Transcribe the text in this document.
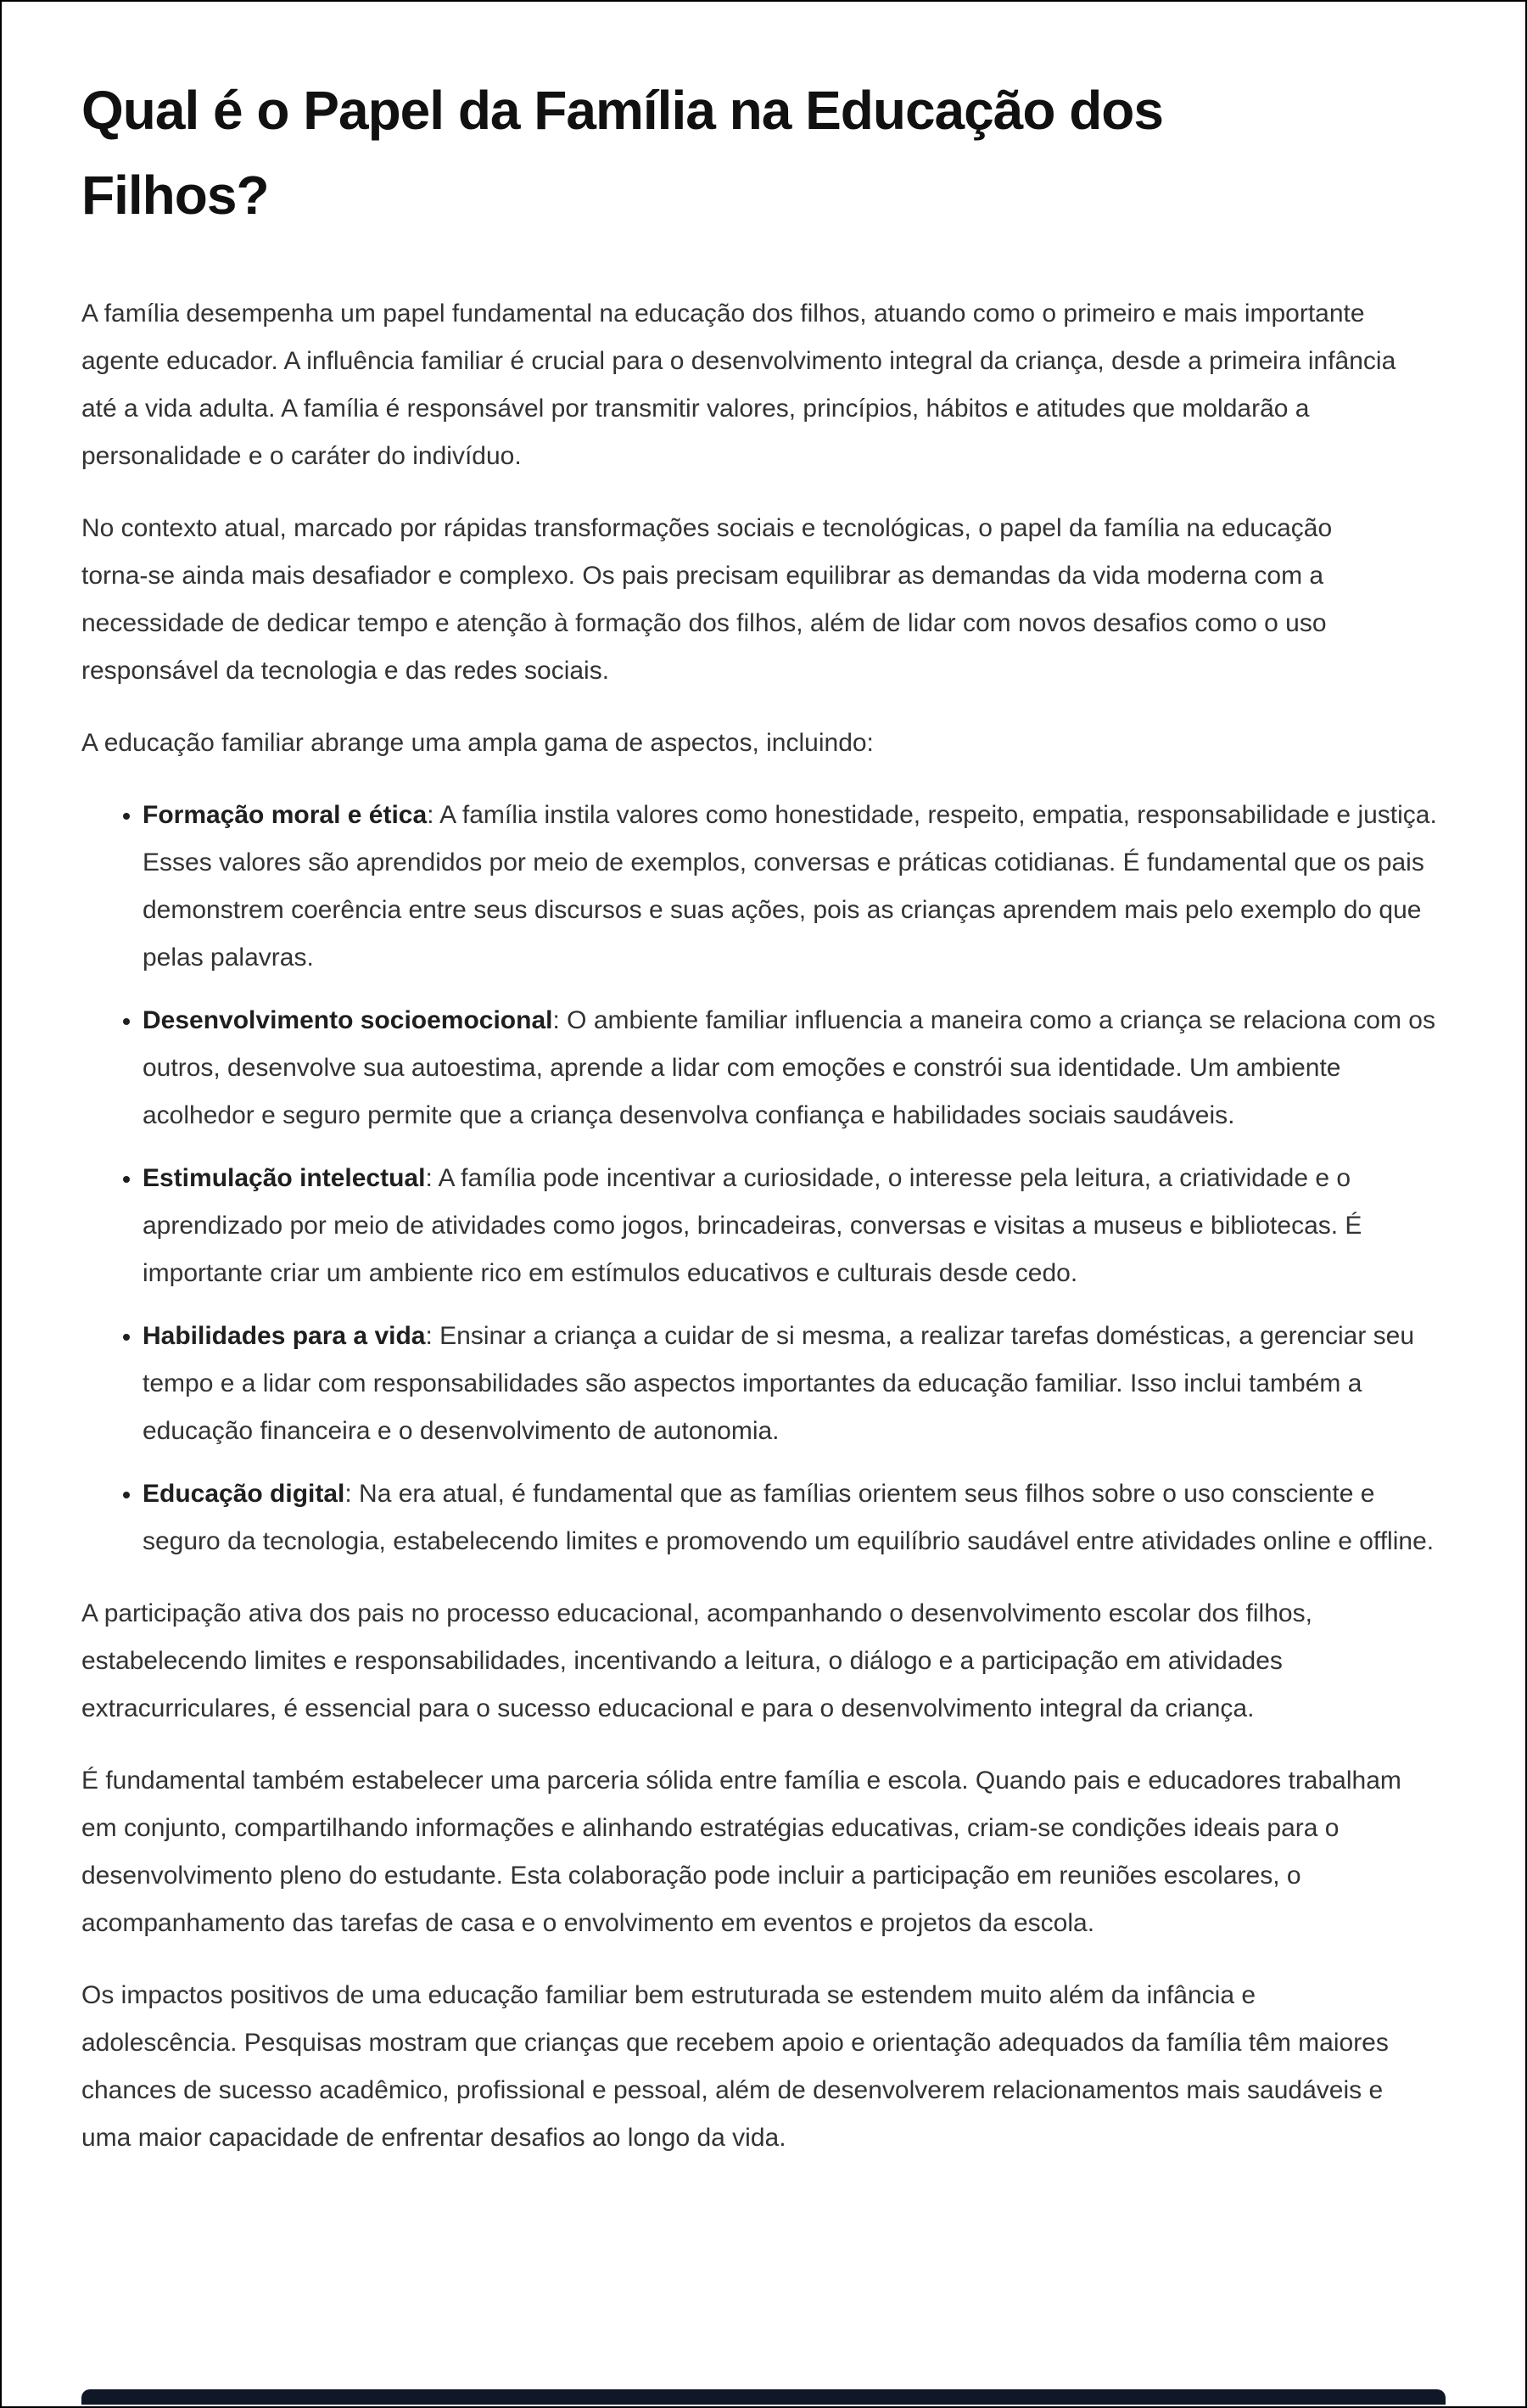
Qual é o Papel da Família na Educação dos Filhos?

A família desempenha um papel fundamental na educação dos filhos, atuando como o primeiro e mais importante agente educador. A influência familiar é crucial para o desenvolvimento integral da criança, desde a primeira infância até a vida adulta. A família é responsável por transmitir valores, princípios, hábitos e atitudes que moldarão a personalidade e o caráter do indivíduo.

No contexto atual, marcado por rápidas transformações sociais e tecnológicas, o papel da família na educação torna-se ainda mais desafiador e complexo. Os pais precisam equilibrar as demandas da vida moderna com a necessidade de dedicar tempo e atenção à formação dos filhos, além de lidar com novos desafios como o uso responsável da tecnologia e das redes sociais.

A educação familiar abrange uma ampla gama de aspectos, incluindo:

• Formação moral e ética: A família instila valores como honestidade, respeito, empatia, responsabilidade e justiça. Esses valores são aprendidos por meio de exemplos, conversas e práticas cotidianas. É fundamental que os pais demonstrem coerência entre seus discursos e suas ações, pois as crianças aprendem mais pelo exemplo do que pelas palavras.
• Desenvolvimento socioemocional: O ambiente familiar influencia a maneira como a criança se relaciona com os outros, desenvolve sua autoestima, aprende a lidar com emoções e constrói sua identidade. Um ambiente acolhedor e seguro permite que a criança desenvolva confiança e habilidades sociais saudáveis.
• Estimulação intelectual: A família pode incentivar a curiosidade, o interesse pela leitura, a criatividade e o aprendizado por meio de atividades como jogos, brincadeiras, conversas e visitas a museus e bibliotecas. É importante criar um ambiente rico em estímulos educativos e culturais desde cedo.
• Habilidades para a vida: Ensinar a criança a cuidar de si mesma, a realizar tarefas domésticas, a gerenciar seu tempo e a lidar com responsabilidades são aspectos importantes da educação familiar. Isso inclui também a educação financeira e o desenvolvimento de autonomia.
• Educação digital: Na era atual, é fundamental que as famílias orientem seus filhos sobre o uso consciente e seguro da tecnologia, estabelecendo limites e promovendo um equilíbrio saudável entre atividades online e offline.

A participação ativa dos pais no processo educacional, acompanhando o desenvolvimento escolar dos filhos, estabelecendo limites e responsabilidades, incentivando a leitura, o diálogo e a participação em atividades extracurriculares, é essencial para o sucesso educacional e para o desenvolvimento integral da criança.

É fundamental também estabelecer uma parceria sólida entre família e escola. Quando pais e educadores trabalham em conjunto, compartilhando informações e alinhando estratégias educativas, criam-se condições ideais para o desenvolvimento pleno do estudante. Esta colaboração pode incluir a participação em reuniões escolares, o acompanhamento das tarefas de casa e o envolvimento em eventos e projetos da escola.

Os impactos positivos de uma educação familiar bem estruturada se estendem muito além da infância e adolescência. Pesquisas mostram que crianças que recebem apoio e orientação adequados da família têm maiores chances de sucesso acadêmico, profissional e pessoal, além de desenvolverem relacionamentos mais saudáveis e uma maior capacidade de enfrentar desafios ao longo da vida.
